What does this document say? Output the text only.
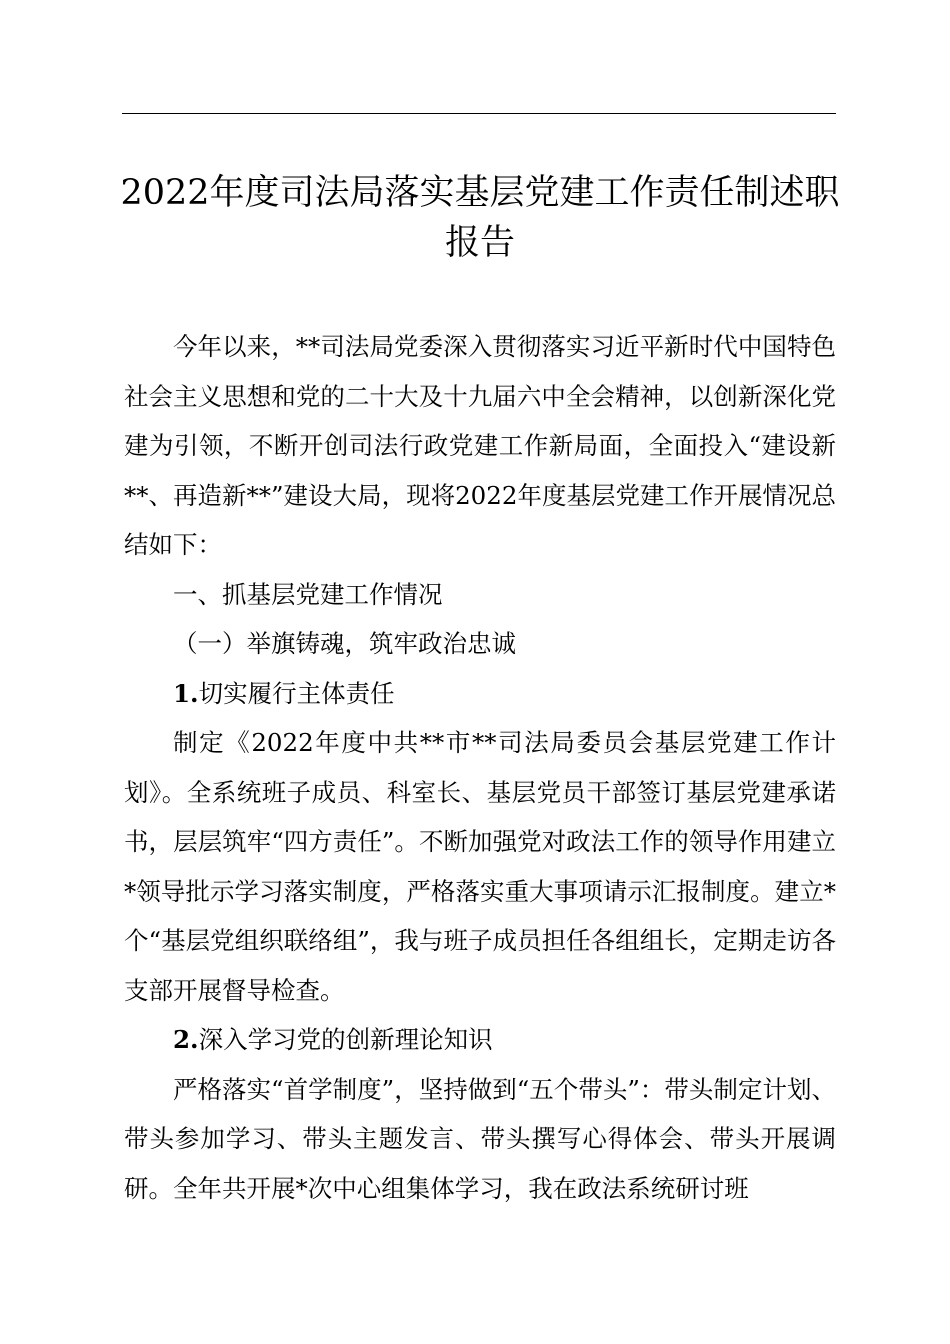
2022年度司法局落实基层党建工作责任制述职
报告

今年以来，**司法局党委深入贯彻落实习近平新时代中国特色社会主义思想和党的二十大及十九届六中全会精神，以创新深化党建为引领，不断开创司法行政党建工作新局面，全面投入“建设新**、再造新**”建设大局，现将2022年度基层党建工作开展情况总结如下：

一、抓基层党建工作情况

（一）举旗铸魂，筑牢政治忠诚

1.切实履行主体责任

制定《2022年度中共**市**司法局委员会基层党建工作计划》。全系统班子成员、科室长、基层党员干部签订基层党建承诺书，层层筑牢“四方责任”。不断加强党对政法工作的领导作用建立*领导批示学习落实制度，严格落实重大事项请示汇报制度。建立*个“基层党组织联络组”，我与班子成员担任各组组长，定期走访各支部开展督导检查。

2.深入学习党的创新理论知识

严格落实“首学制度”，坚持做到“五个带头”：带头制定计划、带头参加学习、带头主题发言、带头撰写心得体会、带头开展调研。全年共开展*次中心组集体学习，我在政法系统研讨班
